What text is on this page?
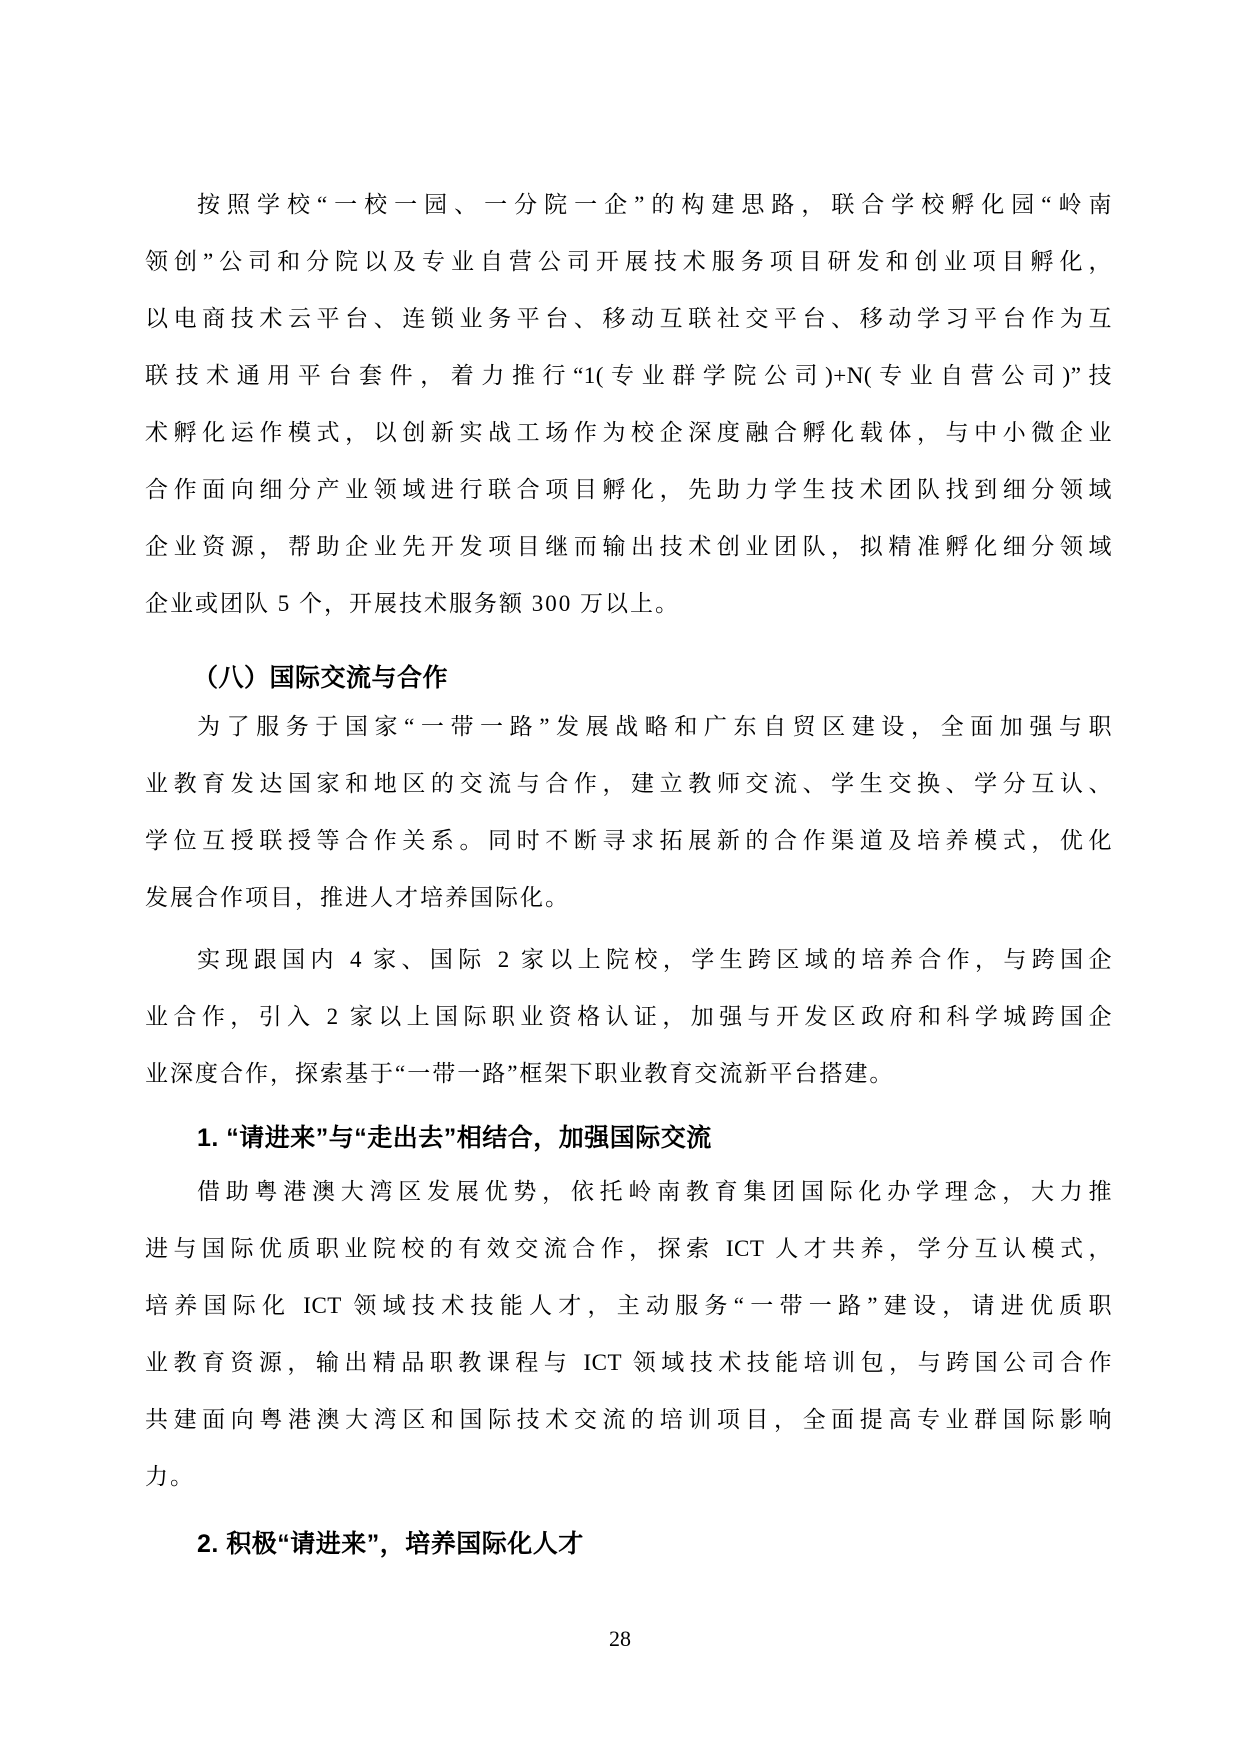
按照学校“一校一园、一分院一企”的构建思路，联合学校孵化园“岭南
领创”公司和分院以及专业自营公司开展技术服务项目研发和创业项目孵化，
以电商技术云平台、连锁业务平台、移动互联社交平台、移动学习平台作为互
联技术通用平台套件，着力推行“1(专业群学院公司)+N(专业自营公司)”技
术孵化运作模式，以创新实战工场作为校企深度融合孵化载体，与中小微企业
合作面向细分产业领域进行联合项目孵化，先助力学生技术团队找到细分领域
企业资源，帮助企业先开发项目继而输出技术创业团队，拟精准孵化细分领域
企业或团队 5 个，开展技术服务额 300 万以上。
（八）国际交流与合作
为了服务于国家“一带一路”发展战略和广东自贸区建设，全面加强与职
业教育发达国家和地区的交流与合作，建立教师交流、学生交换、学分互认、
学位互授联授等合作关系。同时不断寻求拓展新的合作渠道及培养模式，优化
发展合作项目，推进人才培养国际化。
实现跟国内 4 家、国际 2 家以上院校，学生跨区域的培养合作，与跨国企
业合作，引入 2 家以上国际职业资格认证，加强与开发区政府和科学城跨国企
业深度合作，探索基于“一带一路”框架下职业教育交流新平台搭建。
1. “请进来”与“走出去”相结合，加强国际交流
借助粤港澳大湾区发展优势，依托岭南教育集团国际化办学理念，大力推
进与国际优质职业院校的有效交流合作，探索 ICT 人才共养，学分互认模式，
培养国际化 ICT 领域技术技能人才，主动服务“一带一路”建设，请进优质职
业教育资源，输出精品职教课程与 ICT 领域技术技能培训包，与跨国公司合作
共建面向粤港澳大湾区和国际技术交流的培训项目，全面提高专业群国际影响
力。
2. 积极“请进来”，培养国际化人才
28
